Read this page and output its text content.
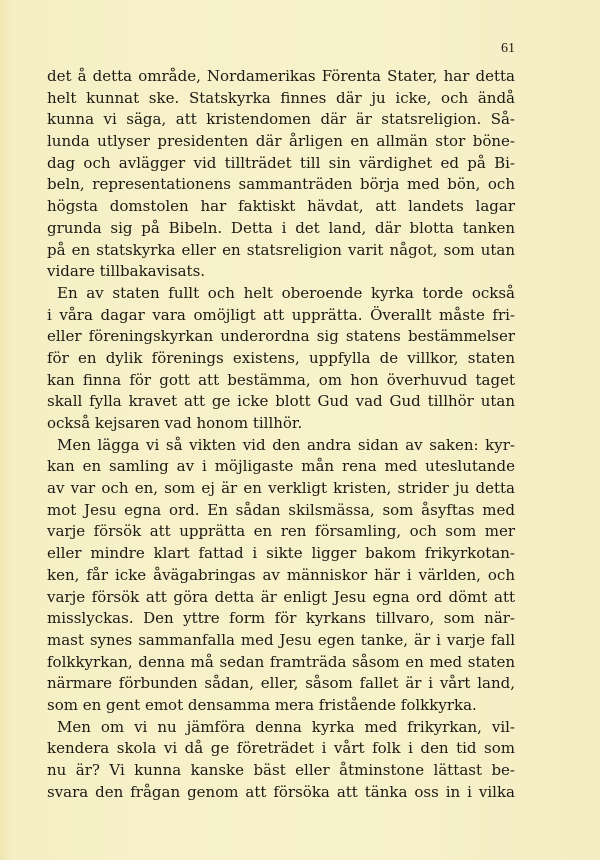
61
det å detta område, Nordamerikas Förenta Stater, har detta
helt kunnat ske. Statskyrka finnes där ju icke, och ändå
kunna vi säga, att kristendomen där är statsreligion. Så-
lunda utlyser presidenten där årligen en allmän stor böne-
dag och avlägger vid tillträdet till sin värdighet ed på Bi-
beln, representationens sammanträden börja med bön, och
högsta domstolen har faktiskt hävdat, att landets lagar
grunda sig på Bibeln. Detta i det land, där blotta tanken
på en statskyrka eller en statsreligion varit något, som utan
vidare tillbakavisats.
En av staten fullt och helt oberoende kyrka torde också
i våra dagar vara omöjligt att upprätta. Överallt måste fri-
eller föreningskyrkan underordna sig statens bestämmelser
för en dylik förenings existens, uppfylla de villkor, staten
kan finna för gott att bestämma, om hon överhuvud taget
skall fylla kravet att ge icke blott Gud vad Gud tillhör utan
också kejsaren vad honom tillhör.
Men lägga vi så vikten vid den andra sidan av saken: kyr-
kan en samling av i möjligaste mån rena med uteslutande
av var och en, som ej är en verkligt kristen, strider ju detta
mot Jesu egna ord. En sådan skilsmässa, som åsyftas med
varje försök att upprätta en ren församling, och som mer
eller mindre klart fattad i sikte ligger bakom frikyrkotan-
ken, får icke åvägabringas av människor här i världen, och
varje försök att göra detta är enligt Jesu egna ord dömt att
misslyckas. Den yttre form för kyrkans tillvaro, som när-
mast synes sammanfalla med Jesu egen tanke, är i varje fall
folkkyrkan, denna må sedan framträda såsom en med staten
närmare förbunden sådan, eller, såsom fallet är i vårt land,
som en gent emot densamma mera fristående folkkyrka.
Men om vi nu jämföra denna kyrka med frikyrkan, vil-
kendera skola vi då ge företrädet i vårt folk i den tid som
nu är? Vi kunna kanske bäst eller åtminstone lättast be-
svara den frågan genom att försöka att tänka oss in i vilka
